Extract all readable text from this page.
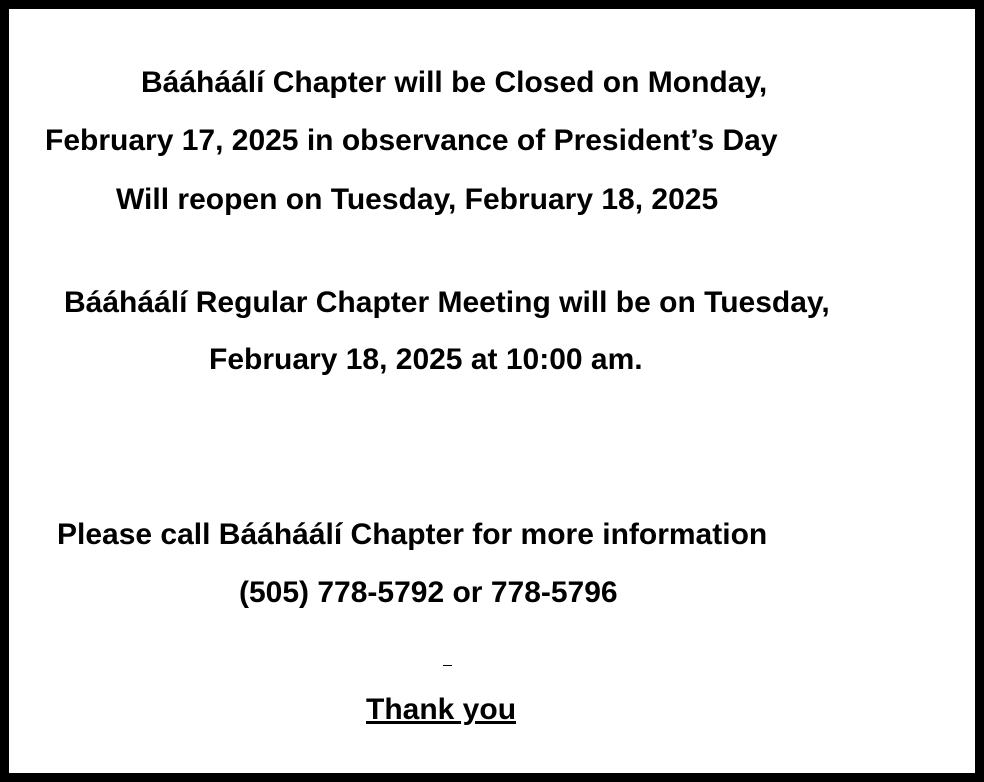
Bááháálí Chapter will be Closed on Monday,

February 17, 2025 in observance of President’s Day

Will reopen on Tuesday, February 18, 2025

Bááháálí Regular Chapter Meeting will be on Tuesday,

February 18, 2025 at 10:00 am.

Please call Bááháálí Chapter for more information

(505) 778-5792 or 778-5796

Thank you
